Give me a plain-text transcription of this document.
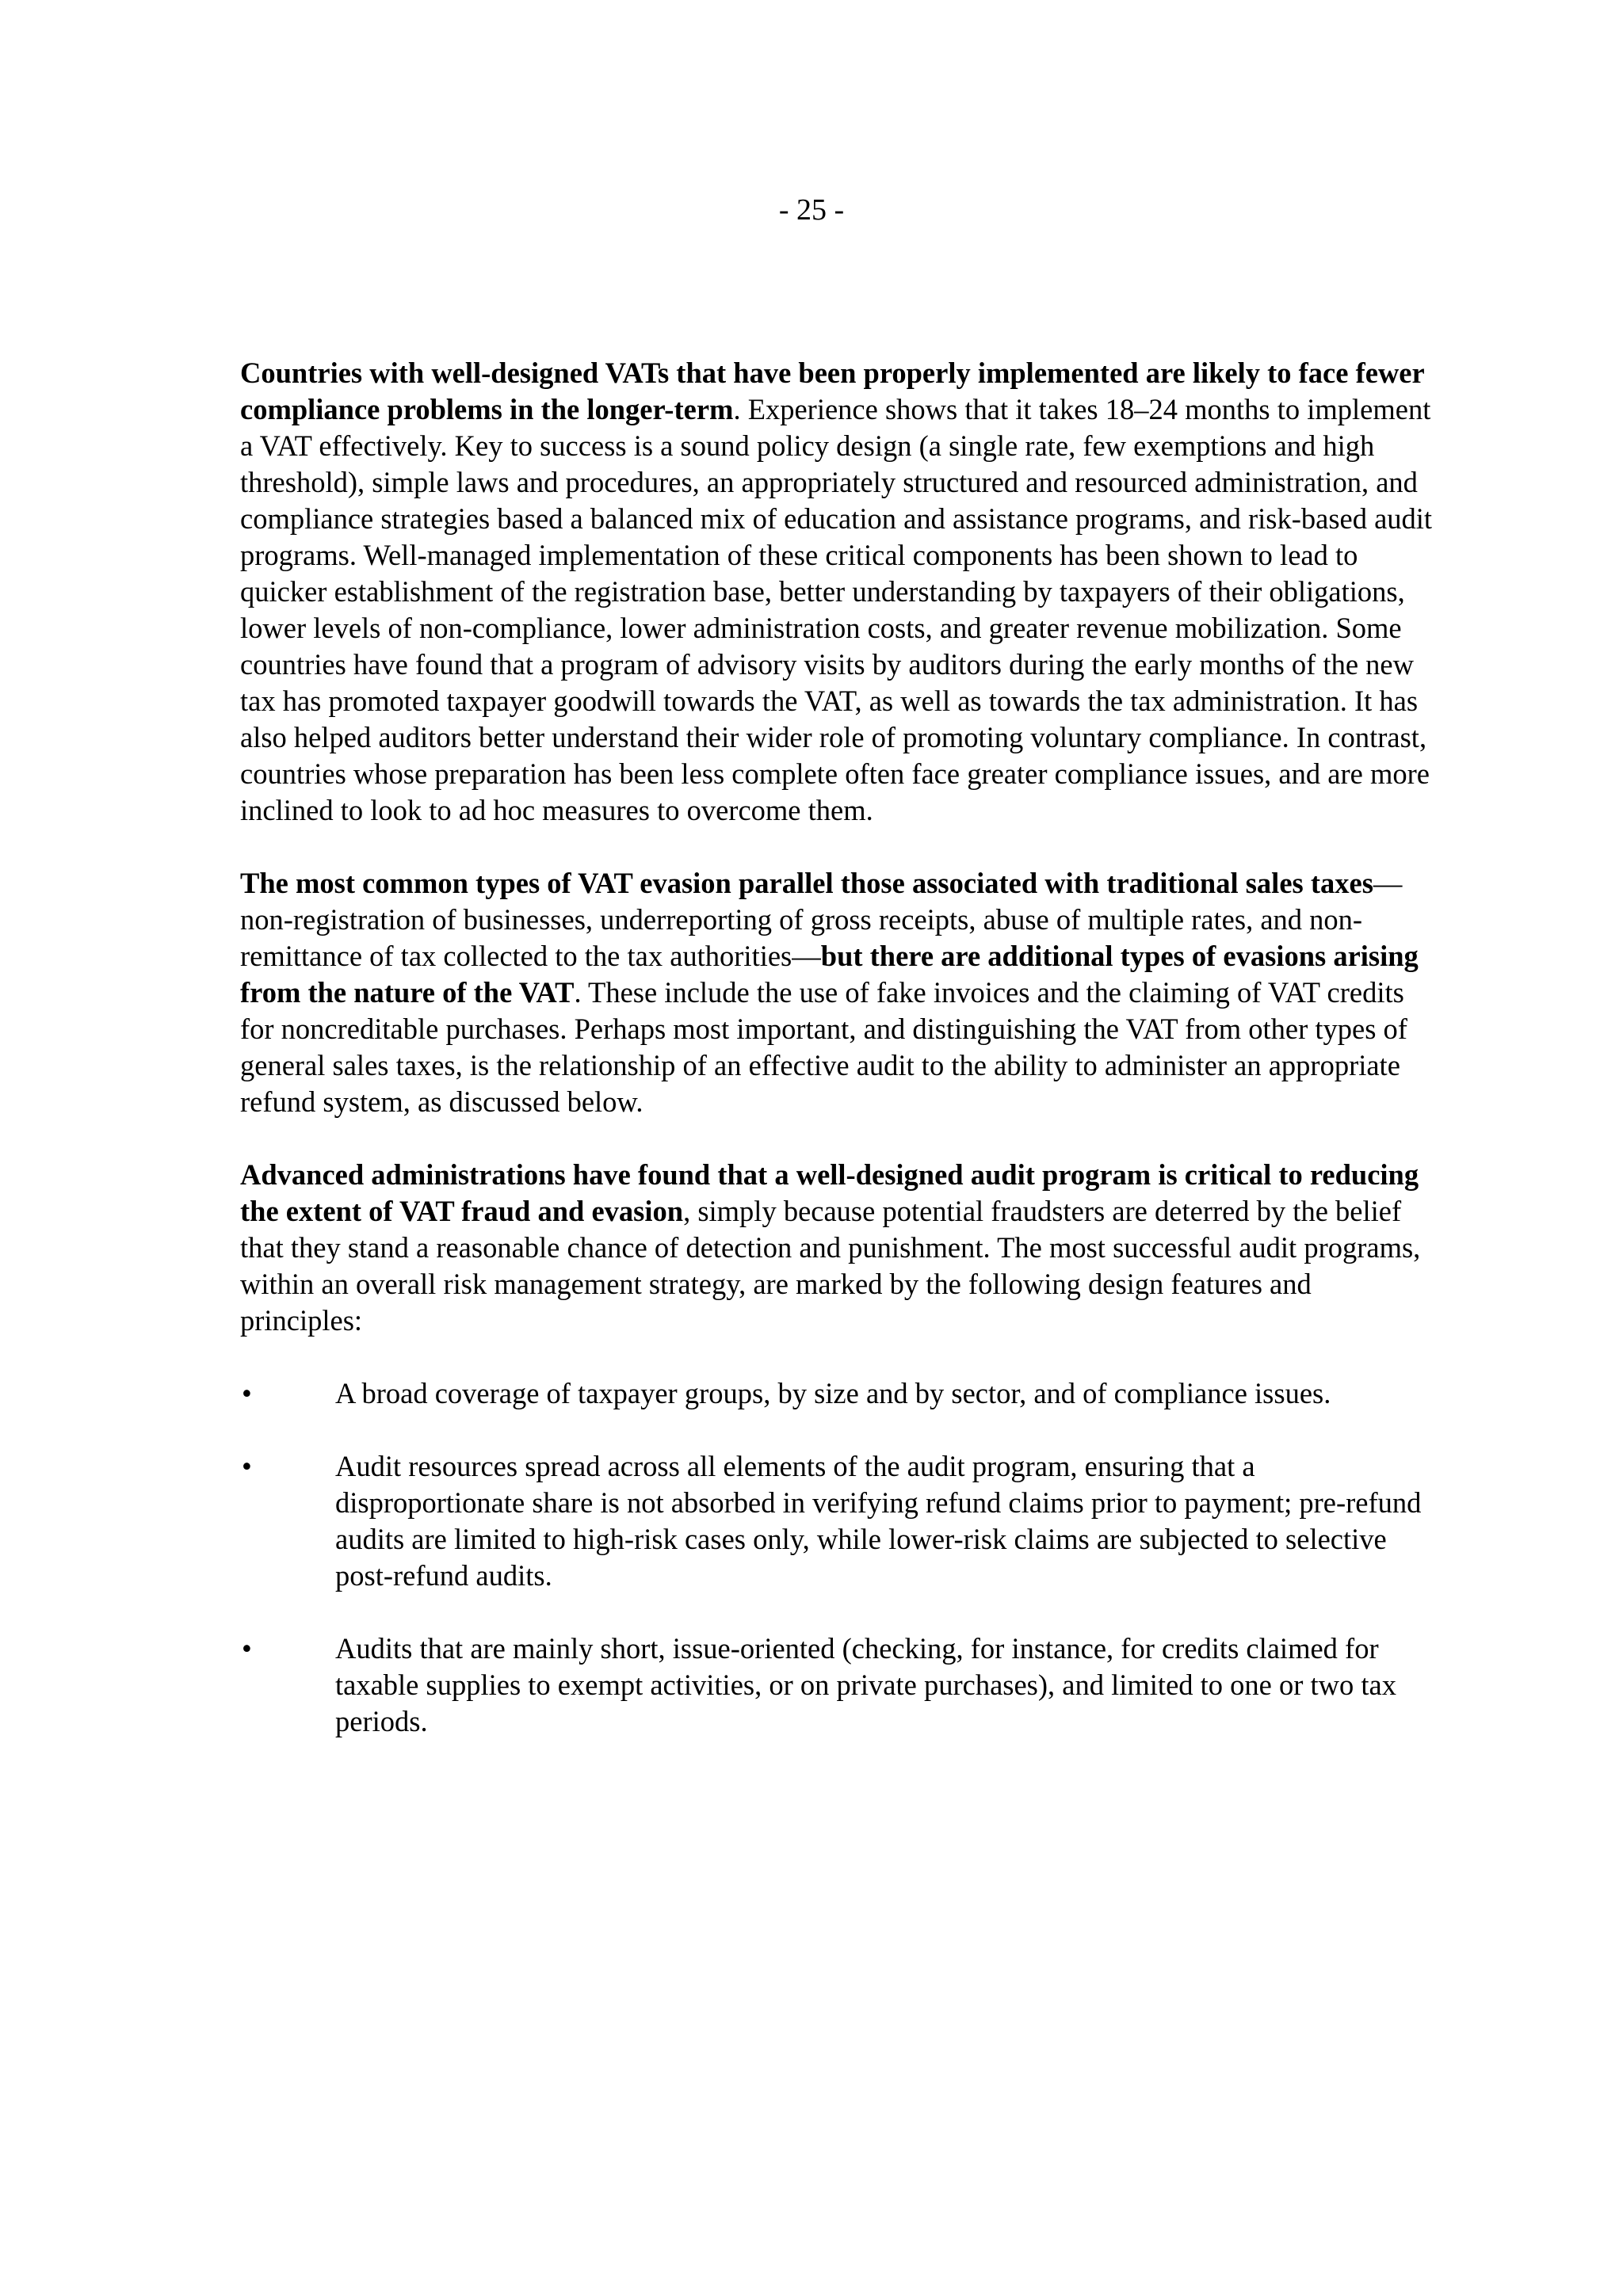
- 25 -

Countries with well-designed VATs that have been properly implemented are likely to face fewer compliance problems in the longer-term. Experience shows that it takes 18–24 months to implement a VAT effectively. Key to success is a sound policy design (a single rate, few exemptions and high threshold), simple laws and procedures, an appropriately structured and resourced administration, and compliance strategies based a balanced mix of education and assistance programs, and risk-based audit programs. Well-managed implementation of these critical components has been shown to lead to quicker establishment of the registration base, better understanding by taxpayers of their obligations, lower levels of non-compliance, lower administration costs, and greater revenue mobilization. Some countries have found that a program of advisory visits by auditors during the early months of the new tax has promoted taxpayer goodwill towards the VAT, as well as towards the tax administration. It has also helped auditors better understand their wider role of promoting voluntary compliance. In contrast, countries whose preparation has been less complete often face greater compliance issues, and are more inclined to look to ad hoc measures to overcome them.

The most common types of VAT evasion parallel those associated with traditional sales taxes—non-registration of businesses, underreporting of gross receipts, abuse of multiple rates, and non-remittance of tax collected to the tax authorities—but there are additional types of evasions arising from the nature of the VAT. These include the use of fake invoices and the claiming of VAT credits for noncreditable purchases. Perhaps most important, and distinguishing the VAT from other types of general sales taxes, is the relationship of an effective audit to the ability to administer an appropriate refund system, as discussed below.

Advanced administrations have found that a well-designed audit program is critical to reducing the extent of VAT fraud and evasion, simply because potential fraudsters are deterred by the belief that they stand a reasonable chance of detection and punishment. The most successful audit programs, within an overall risk management strategy, are marked by the following design features and principles:

•	A broad coverage of taxpayer groups, by size and by sector, and of compliance issues.
•	Audit resources spread across all elements of the audit program, ensuring that a disproportionate share is not absorbed in verifying refund claims prior to payment; pre-refund audits are limited to high-risk cases only, while lower-risk claims are subjected to selective post-refund audits.
•	Audits that are mainly short, issue-oriented (checking, for instance, for credits claimed for taxable supplies to exempt activities, or on private purchases), and limited to one or two tax periods.
